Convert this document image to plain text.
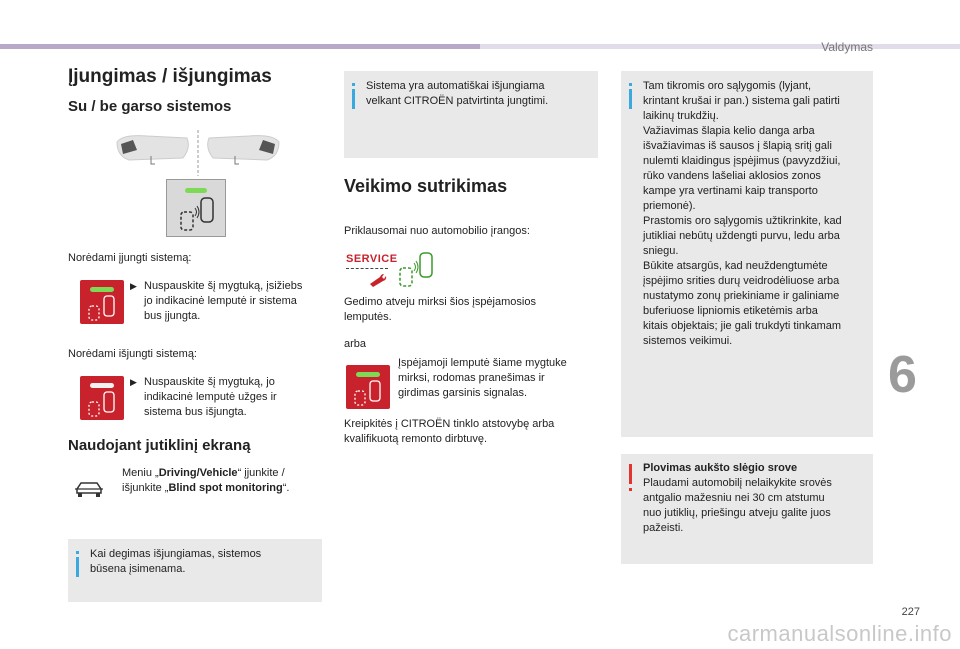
Valdymas
6
227
carmanualsonline.info
Įjungimas / išjungimas
Su / be garso sistemos
Norėdami įjungti sistemą:
▶ Nuspauskite šį mygtuką, įsižiebs
jo indikacinė lemputė ir sistema
bus įjungta.
Norėdami išjungti sistemą:
▶ Nuspauskite šį mygtuką, jo
indikacinė lemputė užges ir
sistema bus išjungta.
Naudojant jutiklinį ekraną
Meniu „Driving/Vehicle“ įjunkite /
išjunkite „Blind spot monitoring“.
Kai degimas išjungiamas, sistemos
būsena įsimenama.
Sistema yra automatiškai išjungiama
velkant CITROËN patvirtinta jungtimi.
Veikimo sutrikimas
Priklausomai nuo automobilio įrangos:
SERVICE
Gedimo atveju mirksi šios įspėjamosios
lemputės.
arba
Įspėjamoji lemputė šiame mygtuke
mirksi, rodomas pranešimas ir
girdimas garsinis signalas.
Kreipkitės į CITROËN tinklo atstovybę arba
kvalifikuotą remonto dirbtuvę.
Tam tikromis oro sąlygomis (lyjant,
krintant krušai ir pan.) sistema gali patirti
laikinų trukdžių.
Važiavimas šlapia kelio danga arba
išvažiavimas iš sausos į šlapią sritį gali
nulemti klaidingus įspėjimus (pavyzdžiui,
rūko vandens lašeliai aklosios zonos
kampe yra vertinami kaip transporto
priemonė).
Prastomis oro sąlygomis užtikrinkite, kad
jutikliai nebūtų uždengti purvu, ledu arba
sniegu.
Būkite atsargūs, kad neuždengtumėte
įspėjimo srities durų veidrodėliuose arba
nustatymo zonų priekiniame ir galiniame
buferiuose lipniomis etiketėmis arba
kitais objektais; jie gali trukdyti tinkamam
sistemos veikimui.
Plovimas aukšto slėgio srove
Plaudami automobilį nelaikykite srovės
antgalio mažesniu nei 30 cm atstumu
nuo jutiklių, priešingu atveju galite juos
pažeisti.
